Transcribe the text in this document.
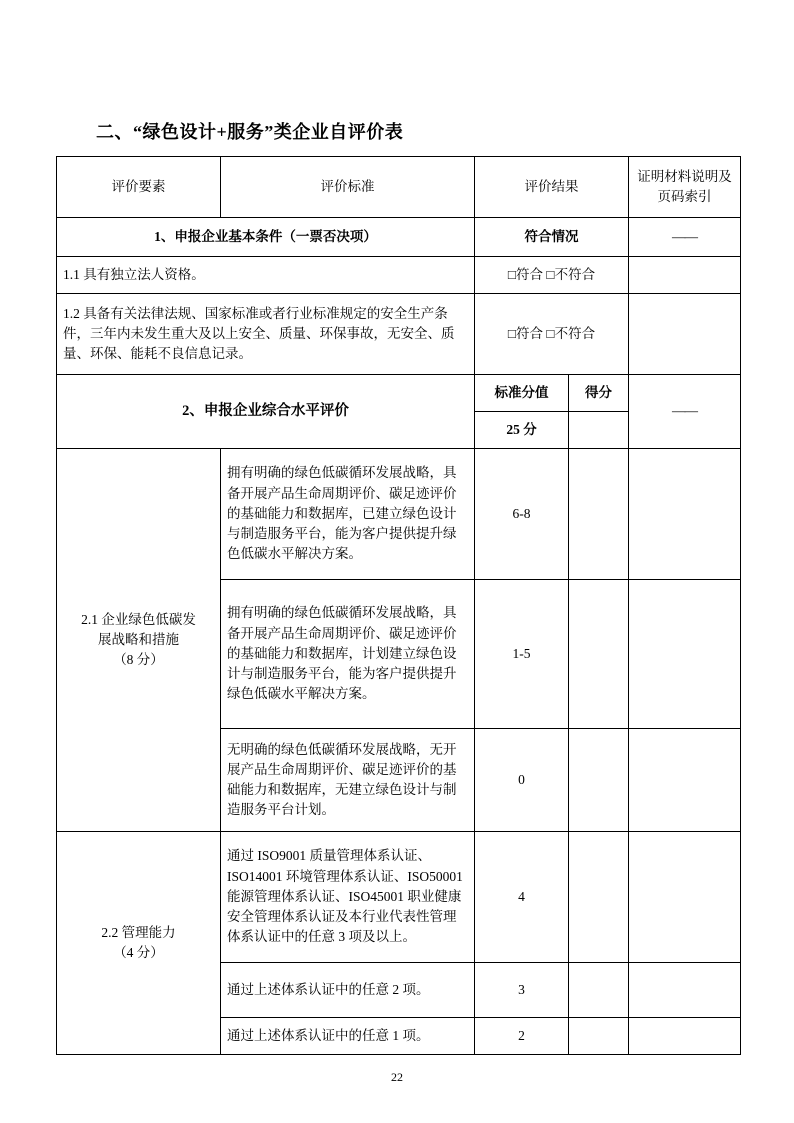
二、“绿色设计+服务”类企业自评价表
评价要素	评价标准	评价结果		证明材料说明及页码索引
1、申报企业基本条件（一票否决项）		符合情况		——
1.1 具有独立法人资格。		□符合 □不符合		
1.2 具备有关法律法规、国家标准或者行业标准规定的安全生产条件，三年内未发生重大及以上安全、质量、环保事故，无安全、质量、环保、能耗不良信息记录。		□符合 □不符合		
2、申报企业综合水平评价		标准分值	得分	——
		25 分		
2.1 企业绿色低碳发
展战略和措施
（8 分）	拥有明确的绿色低碳循环发展战略，具备开展产品生命周期评价、碳足迹评价的基础能力和数据库，已建立绿色设计与制造服务平台，能为客户提供提升绿色低碳水平解决方案。	6-8		
	拥有明确的绿色低碳循环发展战略，具备开展产品生命周期评价、碳足迹评价的基础能力和数据库，计划建立绿色设计与制造服务平台，能为客户提供提升绿色低碳水平解决方案。	1-5		
	无明确的绿色低碳循环发展战略，无开展产品生命周期评价、碳足迹评价的基础能力和数据库，无建立绿色设计与制造服务平台计划。	0		
2.2 管理能力
（4 分）	通过 ISO9001 质量管理体系认证、ISO14001 环境管理体系认证、ISO50001 能源管理体系认证、ISO45001 职业健康安全管理体系认证及本行业代表性管理体系认证中的任意 3 项及以上。	4		
	通过上述体系认证中的任意 2 项。	3		
	通过上述体系认证中的任意 1 项。	2		
22
